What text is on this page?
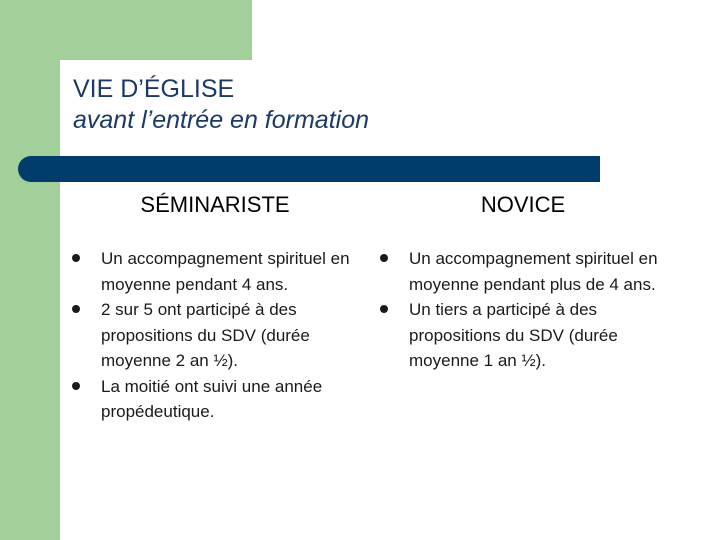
VIE D’ÉGLISE
avant l’entrée en formation
SÉMINARISTE	NOVICE
Un accompagnement spirituel en moyenne pendant 4 ans.
2 sur 5 ont participé à des propositions du SDV (durée moyenne 2 an ½).
La moitié ont suivi une année propédeutique.
Un accompagnement spirituel en moyenne pendant plus de 4 ans.
Un tiers a participé à des propositions du SDV (durée moyenne 1 an ½).
